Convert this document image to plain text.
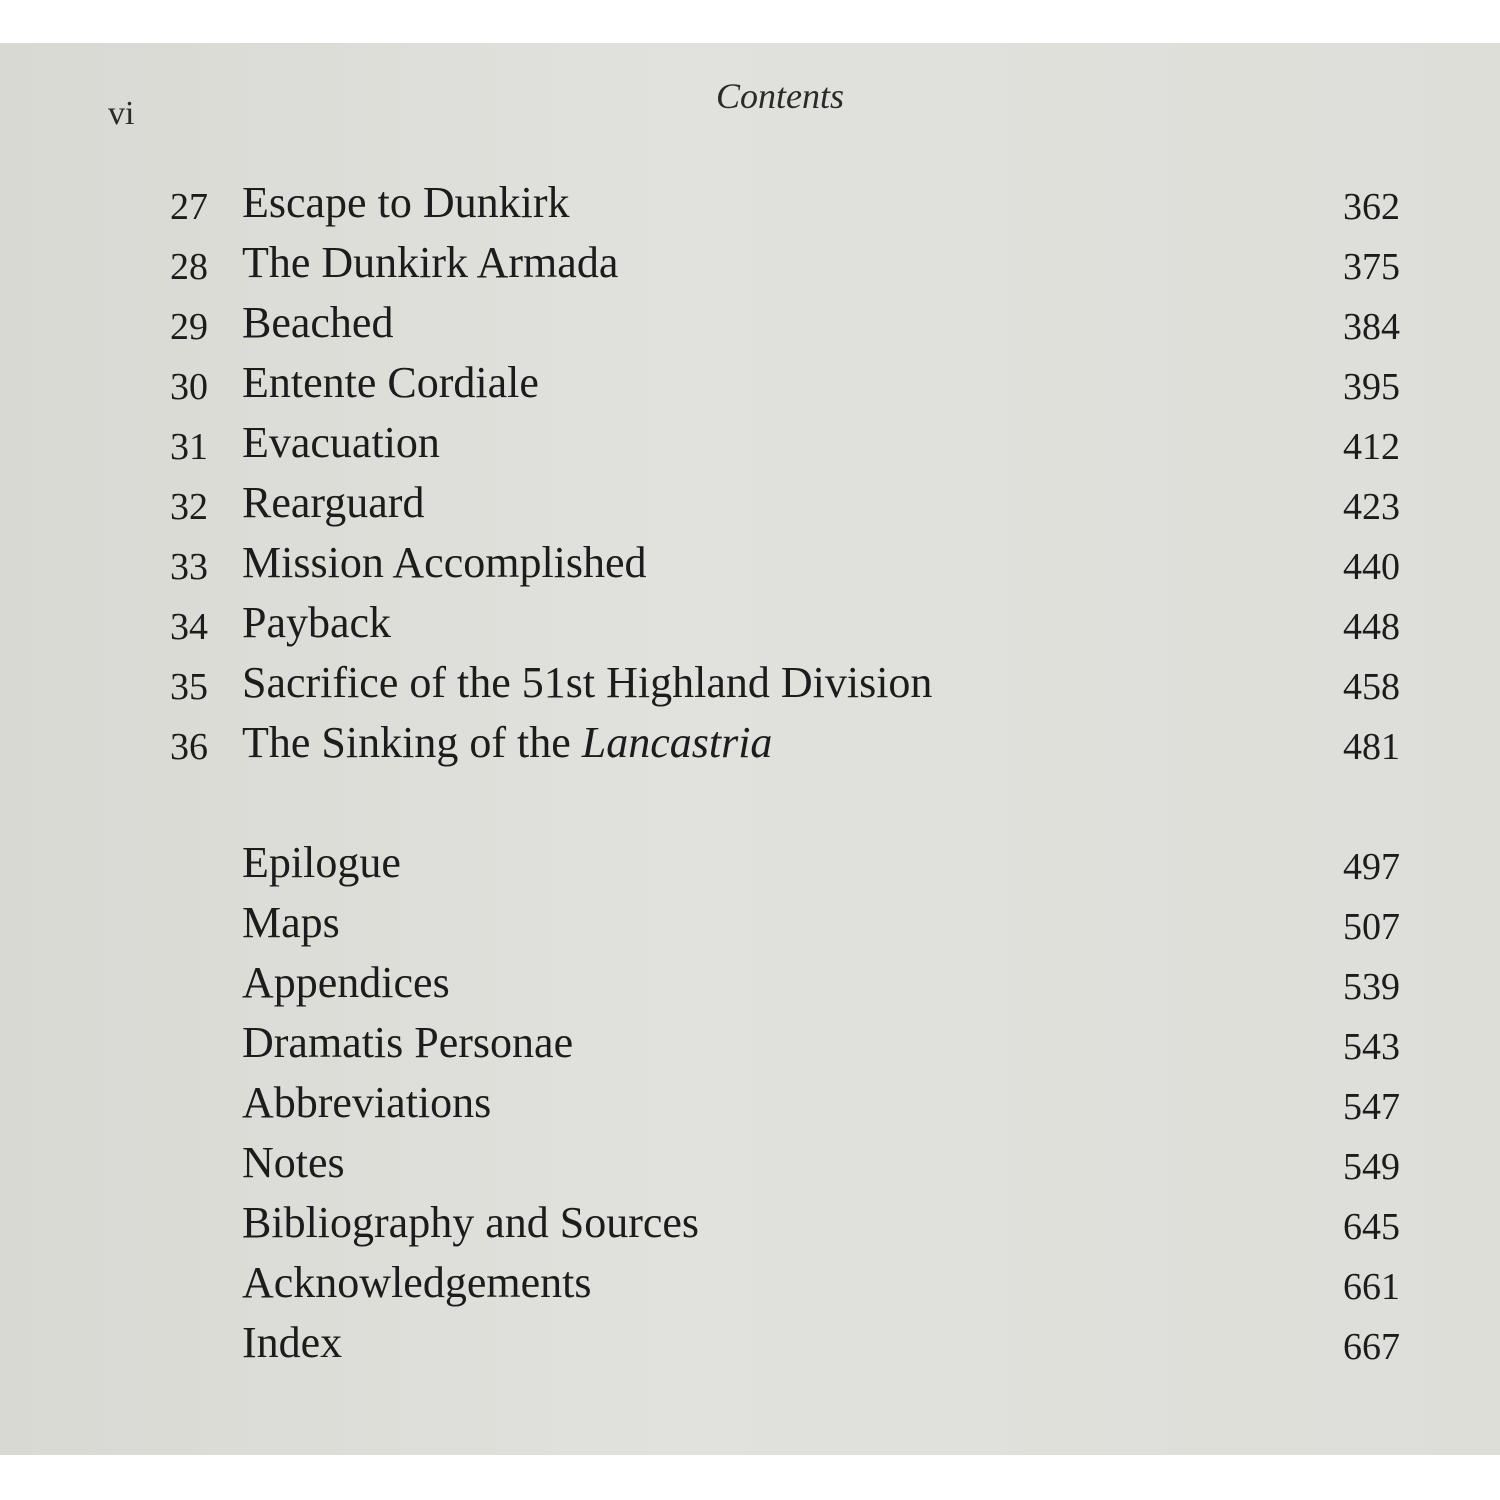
vi	Contents
27 Escape to Dunkirk	362
28 The Dunkirk Armada	375
29 Beached	384
30 Entente Cordiale	395
31 Evacuation	412
32 Rearguard	423
33 Mission Accomplished	440
34 Payback	448
35 Sacrifice of the 51st Highland Division	458
36 The Sinking of the Lancastria	481
Epilogue	497
Maps	507
Appendices	539
Dramatis Personae	543
Abbreviations	547
Notes	549
Bibliography and Sources	645
Acknowledgements	661
Index	667
